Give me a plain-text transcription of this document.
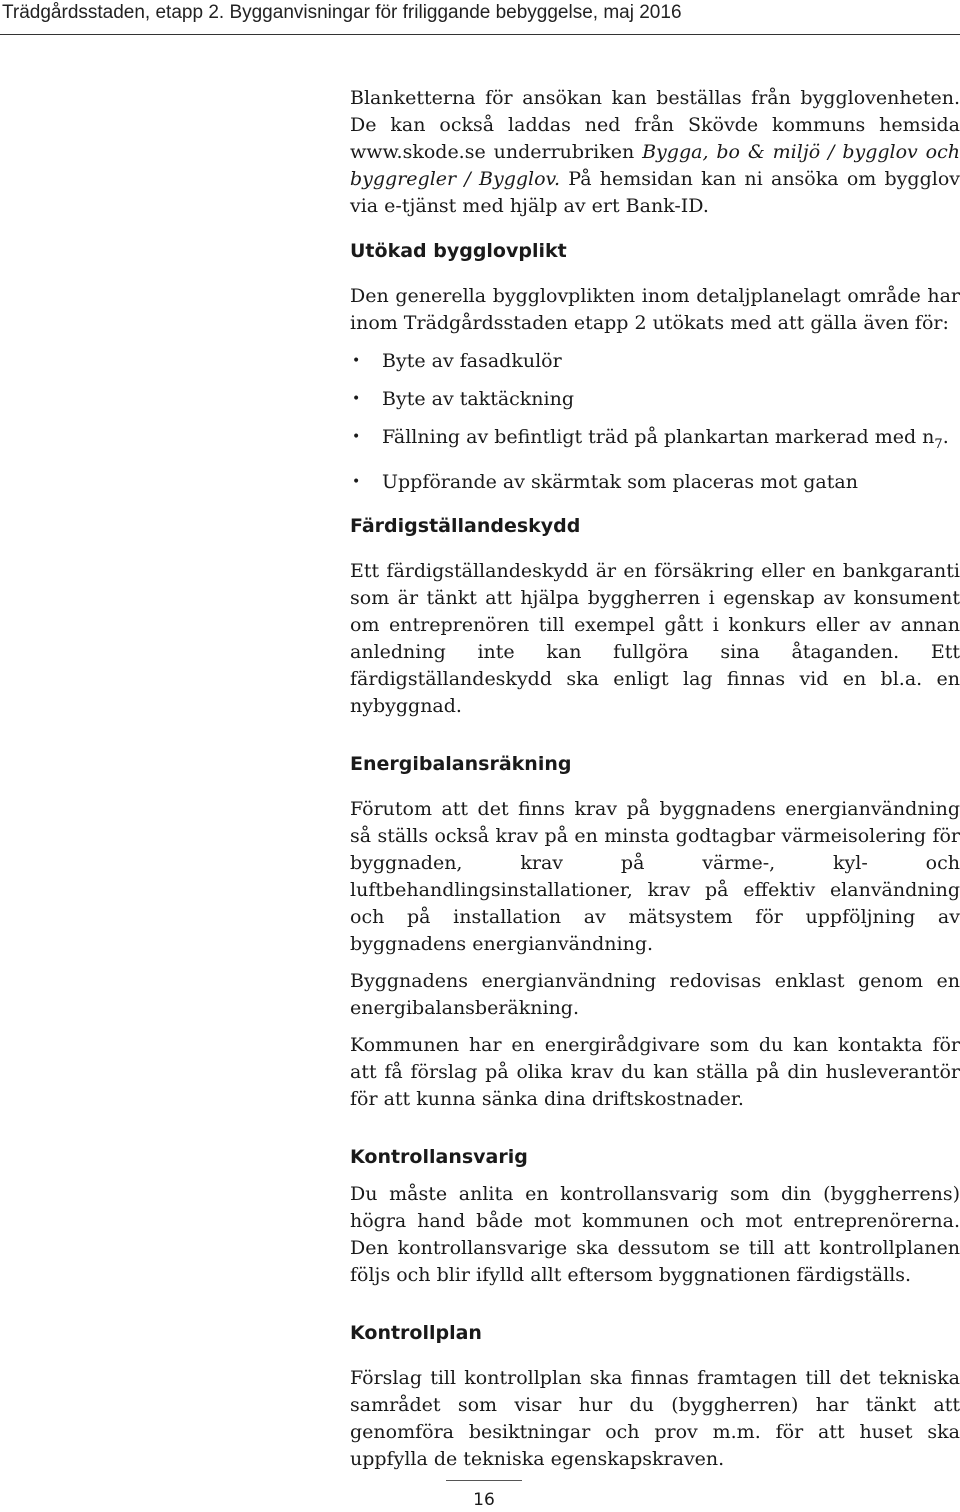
Trädgårdsstaden, etapp 2. Bygganvisningar för friliggande bebyggelse, maj 2016

Blanketterna för ansökan kan beställas från bygglovenheten. De kan också laddas ned från Skövde kommuns hemsida www.skode.se underrubriken Bygga, bo & miljö / bygglov och byggregler / Bygglov. På hemsidan kan ni ansöka om bygglov via e-tjänst med hjälp av ert Bank-ID.

Utökad bygglovplikt

Den generella bygglovplikten inom detaljplanelagt område har inom Trädgårdsstaden etapp 2 utökats med att gälla även för:

• Byte av fasadkulör
• Byte av taktäckning
• Fällning av befintligt träd på plankartan markerad med $n_7$.
• Uppförande av skärmtak som placeras mot gatan
Färdigställandeskydd

Ett färdigställandeskydd är en försäkring eller en bankgaranti som är tänkt att hjälpa byggherren i egenskap av konsument om entreprenören till exempel gått i konkurs eller av annan anledning inte kan fullgöra sina åtaganden. Ett färdigställandeskydd ska enligt lag finnas vid en bl.a. en nybyggnad.

Energibalansräkning

Förutom att det finns krav på byggnadens energianvändning så ställs också krav på en minsta godtagbar värmeisolering för byggnaden, krav på värme-, kyl- och luftbehandlingsinstallationer, krav på effektiv elanvändning och på installation av mätsystem för uppföljning av byggnadens energianvändning.

Byggnadens energianvändning redovisas enklast genom en energibalansberäkning.

Kommunen har en energirådgivare som du kan kontakta för att få förslag på olika krav du kan ställa på din husleverantör för att kunna sänka dina driftskostnader.

Kontrollansvarig

Du måste anlita en kontrollansvarig som din (byggherrens) högra hand både mot kommunen och mot entreprenörerna. Den kontrollansvarige ska dessutom se till att kontrollplanen följs och blir ifylld allt eftersom byggnationen färdigställs.

Kontrollplan

Förslag till kontrollplan ska finnas framtagen till det tekniska samrådet som visar hur du (byggherren) har tänkt att genomföra besiktningar och prov m.m. för att huset ska uppfylla de tekniska egenskapskraven.

16
